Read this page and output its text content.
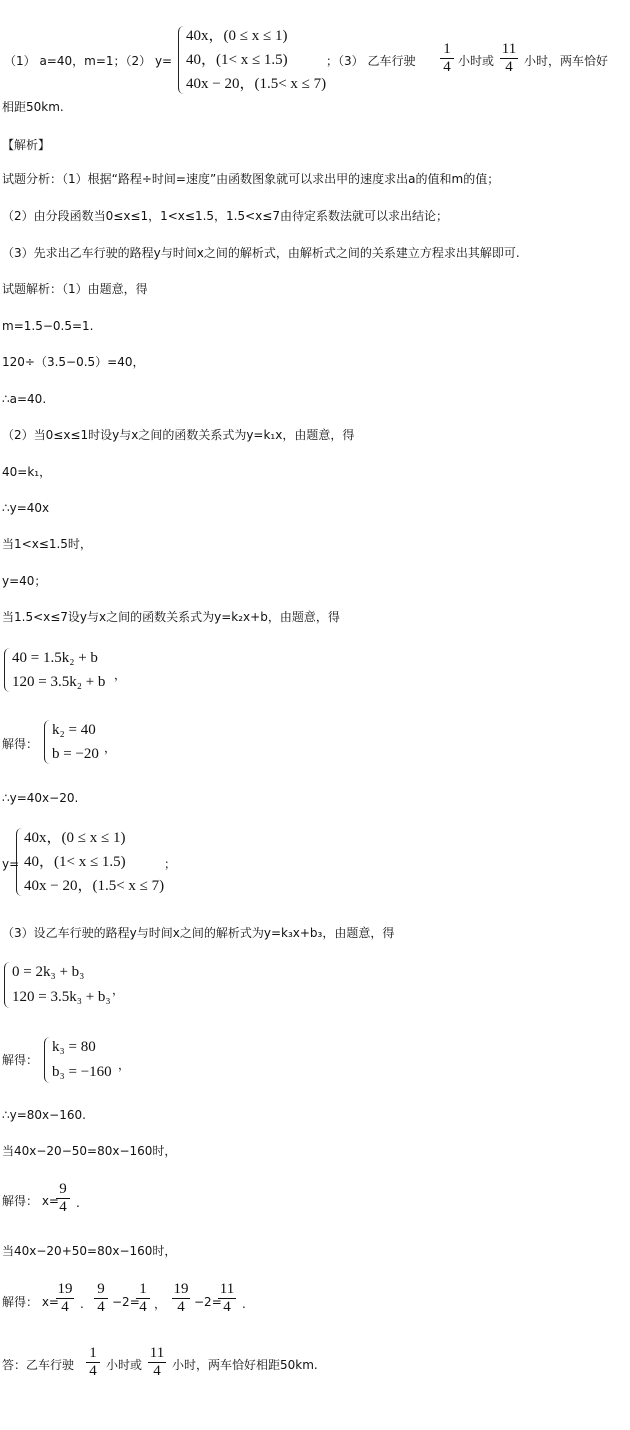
（1） a=40，m=1；（2） y=
40x，(0 ≤ x ≤ 1)
40，(1< x ≤ 1.5)
40x − 20，(1.5< x ≤ 7)
；（3） 乙车行驶
1
4 小时或
11
4 小时，两车恰好
相距50km.
【解析】
试题分析：（1）根据“路程÷时间=速度”由函数图象就可以求出甲的速度求出a的值和m的值；
（2）由分段函数当0≤x≤1，1<x≤1.5，1.5<x≤7由待定系数法就可以求出结论；
（3）先求出乙车行驶的路程y与时间x之间的解析式，由解析式之间的关系建立方程求出其解即可.
试题解析：（1）由题意，得
m=1.5−0.5=1.
120÷（3.5−0.5）=40，
∴a=40.
（2）当0≤x≤1时设y与x之间的函数关系式为y=k₁x，由题意，得
40=k₁，
∴y=40x
当1<x≤1.5时，
y=40；
当1.5<x≤7设y与x之间的函数关系式为y=k₂x+b，由题意，得
40 = 1.5k₂ + b
120 = 3.5k₂ + b ，
解得：
k₂ = 40
b = −20 ，
∴y=40x−20.
y=
40x，(0 ≤ x ≤ 1)
40，(1< x ≤ 1.5)
40x − 20，(1.5< x ≤ 7)
；
（3）设乙车行驶的路程y与时间x之间的解析式为y=k₃x+b₃，由题意，得
0 = 2k₃ + b₃
120 = 3.5k₃ + b₃ ，
解得：
k₃ = 80
b₃ = −160 ，
∴y=80x−160.
当40x−20−50=80x−160时，
解得： x=
9
4 .
当40x−20+50=80x−160时，
解得： x=
19
4 .
9
4 −2=
1
4 ，
19
4 −2=
11
4 .
答：乙车行驶
1
4 小时或
11
4 小时，两车恰好相距50km.
